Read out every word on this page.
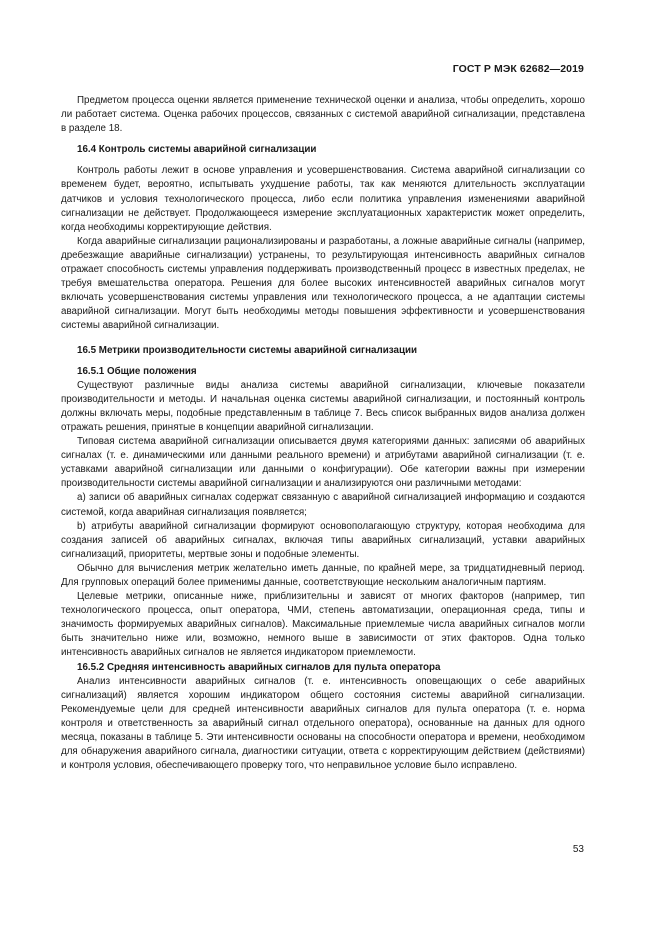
ГОСТ Р МЭК 62682—2019

Предметом процесса оценки является применение технической оценки и анализа, чтобы определить, хорошо ли работает система. Оценка рабочих процессов, связанных с системой аварийной сигнализации, представлена в разделе 18.

16.4 Контроль системы аварийной сигнализации

Контроль работы лежит в основе управления и усовершенствования. Система аварийной сигнализации со временем будет, вероятно, испытывать ухудшение работы, так как меняются длительность эксплуатации датчиков и условия технологического процесса, либо если политика управления изменениями аварийной сигнализации не действует. Продолжающееся измерение эксплуатационных характеристик может определить, когда необходимы корректирующие действия.

Когда аварийные сигнализации рационализированы и разработаны, а ложные аварийные сигналы (например, дребезжащие аварийные сигнализации) устранены, то результирующая интенсивность аварийных сигналов отражает способность системы управления поддерживать производственный процесс в известных пределах, не требуя вмешательства оператора. Решения для более высоких интенсивностей аварийных сигналов могут включать усовершенствования системы управления или технологического процесса, а не адаптации системы аварийной сигнализации. Могут быть необходимы методы повышения эффективности и усовершенствования системы аварийной сигнализации.

16.5 Метрики производительности системы аварийной сигнализации
16.5.1 Общие положения

Существуют различные виды анализа системы аварийной сигнализации, ключевые показатели производительности и методы. И начальная оценка системы аварийной сигнализации, и постоянный контроль должны включать меры, подобные представленным в таблице 7. Весь список выбранных видов анализа должен отражать решения, принятые в концепции аварийной сигнализации.

Типовая система аварийной сигнализации описывается двумя категориями данных: записями об аварийных сигналах (т. е. динамическими или данными реального времени) и атрибутами аварийной сигнализации (т. е. уставками аварийной сигнализации или данными о конфигурации). Обе категории важны при измерении производительности системы аварийной сигнализации и анализируются они различными методами:

a) записи об аварийных сигналах содержат связанную с аварийной сигнализацией информацию и создаются системой, когда аварийная сигнализация появляется;

b) атрибуты аварийной сигнализации формируют основополагающую структуру, которая необходима для создания записей об аварийных сигналах, включая типы аварийных сигнализаций, уставки аварийных сигнализаций, приоритеты, мертвые зоны и подобные элементы.

Обычно для вычисления метрик желательно иметь данные, по крайней мере, за тридцатидневный период. Для групповых операций более применимы данные, соответствующие нескольким аналогичным партиям.

Целевые метрики, описанные ниже, приблизительны и зависят от многих факторов (например, тип технологического процесса, опыт оператора, ЧМИ, степень автоматизации, операционная среда, типы и значимость формируемых аварийных сигналов). Максимальные приемлемые числа аварийных сигналов могли быть значительно ниже или, возможно, немного выше в зависимости от этих факторов. Одна только интенсивность аварийных сигналов не является индикатором приемлемости.

16.5.2 Средняя интенсивность аварийных сигналов для пульта оператора

Анализ интенсивности аварийных сигналов (т. е. интенсивность оповещающих о себе аварийных сигнализаций) является хорошим индикатором общего состояния системы аварийной сигнализации. Рекомендуемые цели для средней интенсивности аварийных сигналов для пульта оператора (т. е. норма контроля и ответственность за аварийный сигнал отдельного оператора), основанные на данных для одного месяца, показаны в таблице 5. Эти интенсивности основаны на способности оператора и времени, необходимом для обнаружения аварийного сигнала, диагностики ситуации, ответа с корректирующим действием (действиями) и контроля условия, обеспечивающего проверку того, что неправильное условие было исправлено.

53
